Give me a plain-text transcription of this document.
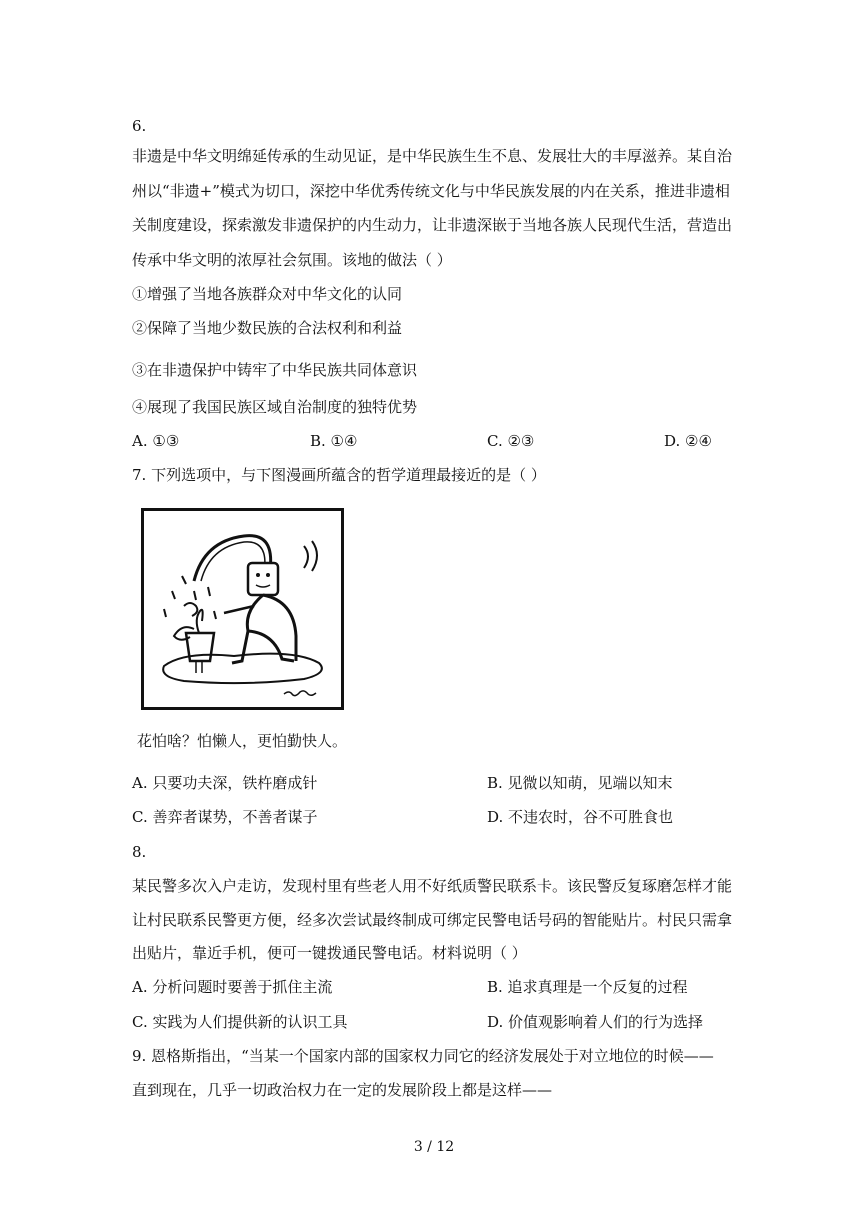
6.
非遗是中华文明绵延传承的生动见证，是中华民族生生不息、发展壮大的丰厚滋养。某自治
州以“非遗+”模式为切口，深挖中华优秀传统文化与中华民族发展的内在关系，推进非遗相
关制度建设，探索激发非遗保护的内生动力，让非遗深嵌于当地各族人民现代生活，营造出
传承中华文明的浓厚社会氛围。该地的做法（ ）
①增强了当地各族群众对中华文化的认同
②保障了当地少数民族的合法权利和利益
③在非遗保护中铸牢了中华民族共同体意识
④展现了我国民族区域自治制度的独特优势
A. ①③	B. ①④	C. ②③	D. ②④
7. 下列选项中，与下图漫画所蕴含的哲学道理最接近的是（ ）
花怕啥？怕懒人，更怕勤快人。
A. 只要功夫深，铁杵磨成针	B. 见微以知萌，见端以知末
C. 善弈者谋势，不善者谋子	D. 不违农时，谷不可胜食也
8.
某民警多次入户走访，发现村里有些老人用不好纸质警民联系卡。该民警反复琢磨怎样才能
让村民联系民警更方便，经多次尝试最终制成可绑定民警电话号码的智能贴片。村民只需拿
出贴片，靠近手机，便可一键拨通民警电话。材料说明（ ）
A. 分析问题时要善于抓住主流	B. 追求真理是一个反复的过程
C. 实践为人们提供新的认识工具	D. 价值观影响着人们的行为选择
9. 恩格斯指出，“当某一个国家内部的国家权力同它的经济发展处于对立地位的时候——
直到现在，几乎一切政治权力在一定的发展阶段上都是这样——
3 / 12
